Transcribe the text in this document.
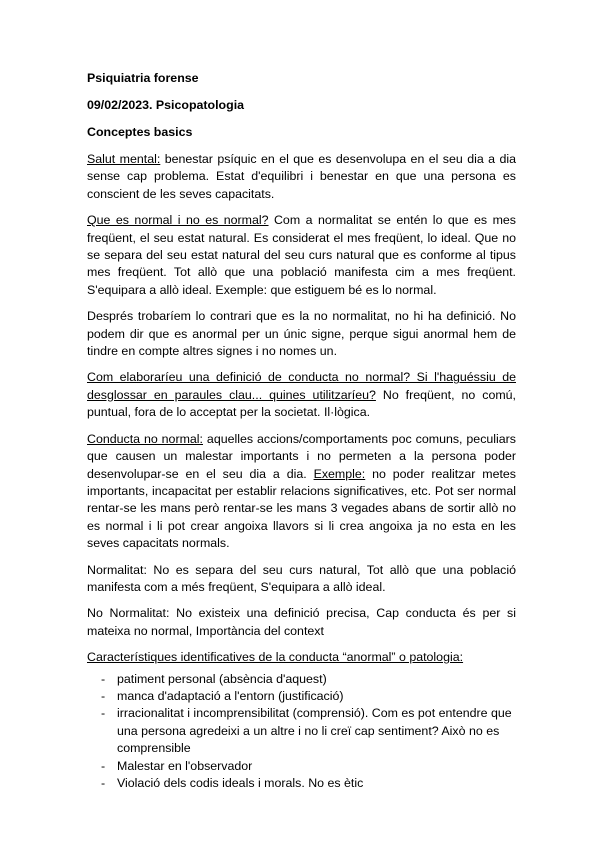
Psiquiatria forense
09/02/2023. Psicopatologia
Conceptes basics

Salut mental: benestar psíquic en el que es desenvolupa en el seu dia a dia sense cap problema. Estat d'equilibri i benestar en que una persona es conscient de les seves capacitats.

Que es normal i no es normal? Com a normalitat se entén lo que es mes freqüent, el seu estat natural. Es considerat el mes freqüent, lo ideal. Que no se separa del seu estat natural del seu curs natural que es conforme al tipus mes freqüent. Tot allò que una població manifesta cim a mes freqüent. S'equipara a allò ideal. Exemple: que estiguem bé es lo normal.

Després trobaríem lo contrari que es la no normalitat, no hi ha definició. No podem dir que es anormal per un únic signe, perque sigui anormal hem de tindre en compte altres signes i no nomes un.

Com elaboraríeu una definició de conducta no normal? Si l'haguéssiu de desglossar en paraules clau... quines utilitzaríeu? No freqüent, no comú, puntual, fora de lo acceptat per la societat. Il·lògica.

Conducta no normal: aquelles accions/comportaments poc comuns, peculiars que causen un malestar importants i no permeten a la persona poder desenvolupar-se en el seu dia a dia. Exemple: no poder realitzar metes importants, incapacitat per establir relacions significatives, etc. Pot ser normal rentar-se les mans però rentar-se les mans 3 vegades abans de sortir allò no es normal i li pot crear angoixa llavors si li crea angoixa ja no esta en les seves capacitats normals.

Normalitat: No es separa del seu curs natural, Tot allò que una població manifesta com a més freqüent, S'equipara a allò ideal.

No Normalitat: No existeix una definició precisa, Cap conducta és per si mateixa no normal, Importància del context

Característiques identificatives de la conducta “anormal” o patologia:

- patiment personal (absència d'aquest)
- manca d'adaptació a l'entorn (justificació)
- irracionalitat i incomprensibilitat (comprensió). Com es pot entendre que una persona agredeixi a un altre i no li creï cap sentiment? Això no es comprensible
- Malestar en l'observador
- Violació dels codis ideals i morals. No es ètic
